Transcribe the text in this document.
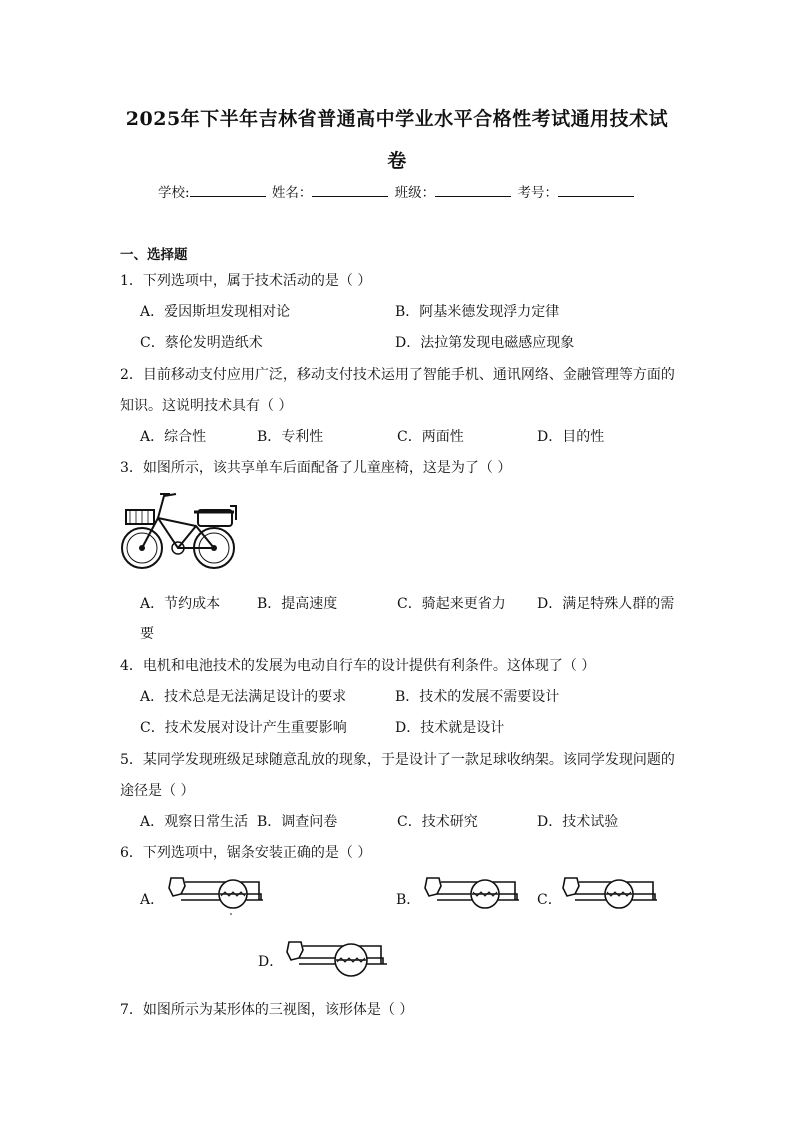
2025年下半年吉林省普通高中学业水平合格性考试通用技术试
卷
学校:	姓名：	班级：	考号：
一、选择题
1．下列选项中，属于技术活动的是（ ）
A．爱因斯坦发现相对论	B．阿基米德发现浮力定律
C．蔡伦发明造纸术	D．法拉第发现电磁感应现象
2．目前移动支付应用广泛，移动支付技术运用了智能手机、通讯网络、金融管理等方面的
知识。这说明技术具有（ ）
A．综合性	B．专利性	C．两面性	D．目的性
3．如图所示，该共享单车后面配备了儿童座椅，这是为了（ ）
A．节约成本	B．提高速度	C．骑起来更省力 D．满足特殊人群的需
要
4．电机和电池技术的发展为电动自行车的设计提供有利条件。这体现了（ ）
A．技术总是无法满足设计的要求	B．技术的发展不需要设计
C．技术发展对设计产生重要影响	D．技术就是设计
5．某同学发现班级足球随意乱放的现象，于是设计了一款足球收纳架。该同学发现问题的
途径是（ ）
A．观察日常生活 B．调查问卷	C．技术研究	D．技术试验
6．下列选项中，锯条安装正确的是（ ）
A．	B．	C．
D．
7．如图所示为某形体的三视图，该形体是（ ）
